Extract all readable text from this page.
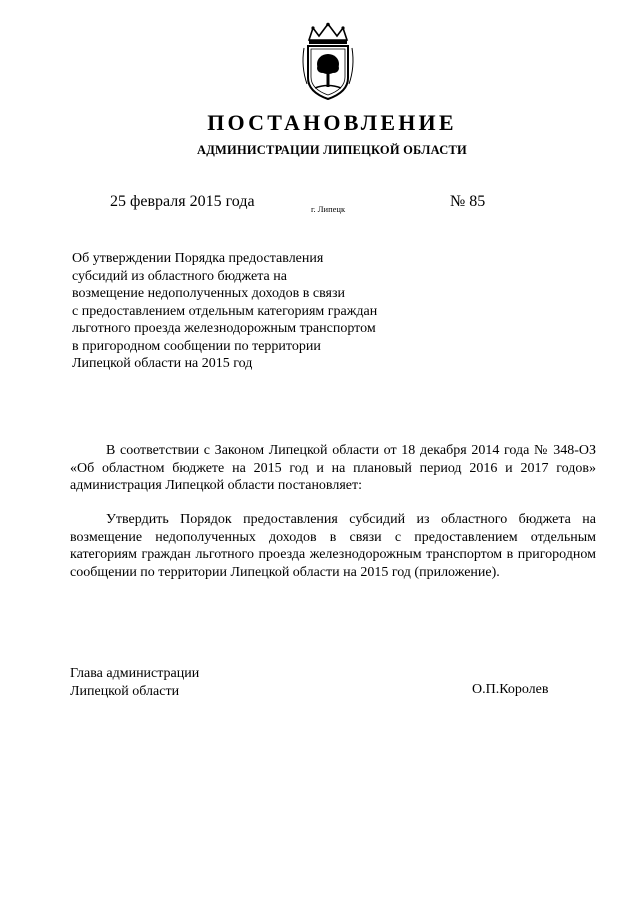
ПОСТАНОВЛЕНИЕ
АДМИНИСТРАЦИИ ЛИПЕЦКОЙ ОБЛАСТИ
25 февраля 2015 года	г. Липецк	№ 85
Об утверждении Порядка предоставления
субсидий из областного бюджета на
возмещение недополученных доходов в связи
с предоставлением отдельным категориям граждан
льготного проезда железнодорожным транспортом
в пригородном сообщении по территории
Липецкой области на 2015 год

В соответствии с Законом Липецкой области от 18 декабря 2014 года № 348-ОЗ «Об областном бюджете на 2015 год и на плановый период 2016 и 2017 годов» администрация Липецкой области постановляет:

Утвердить Порядок предоставления субсидий из областного бюджета на возмещение недополученных доходов в связи с предоставлением отдельным категориям граждан льготного проезда железнодорожным транспортом в пригородном сообщении по территории Липецкой области на 2015 год (приложение).

Глава администрации
Липецкой области	О.П.Королев
